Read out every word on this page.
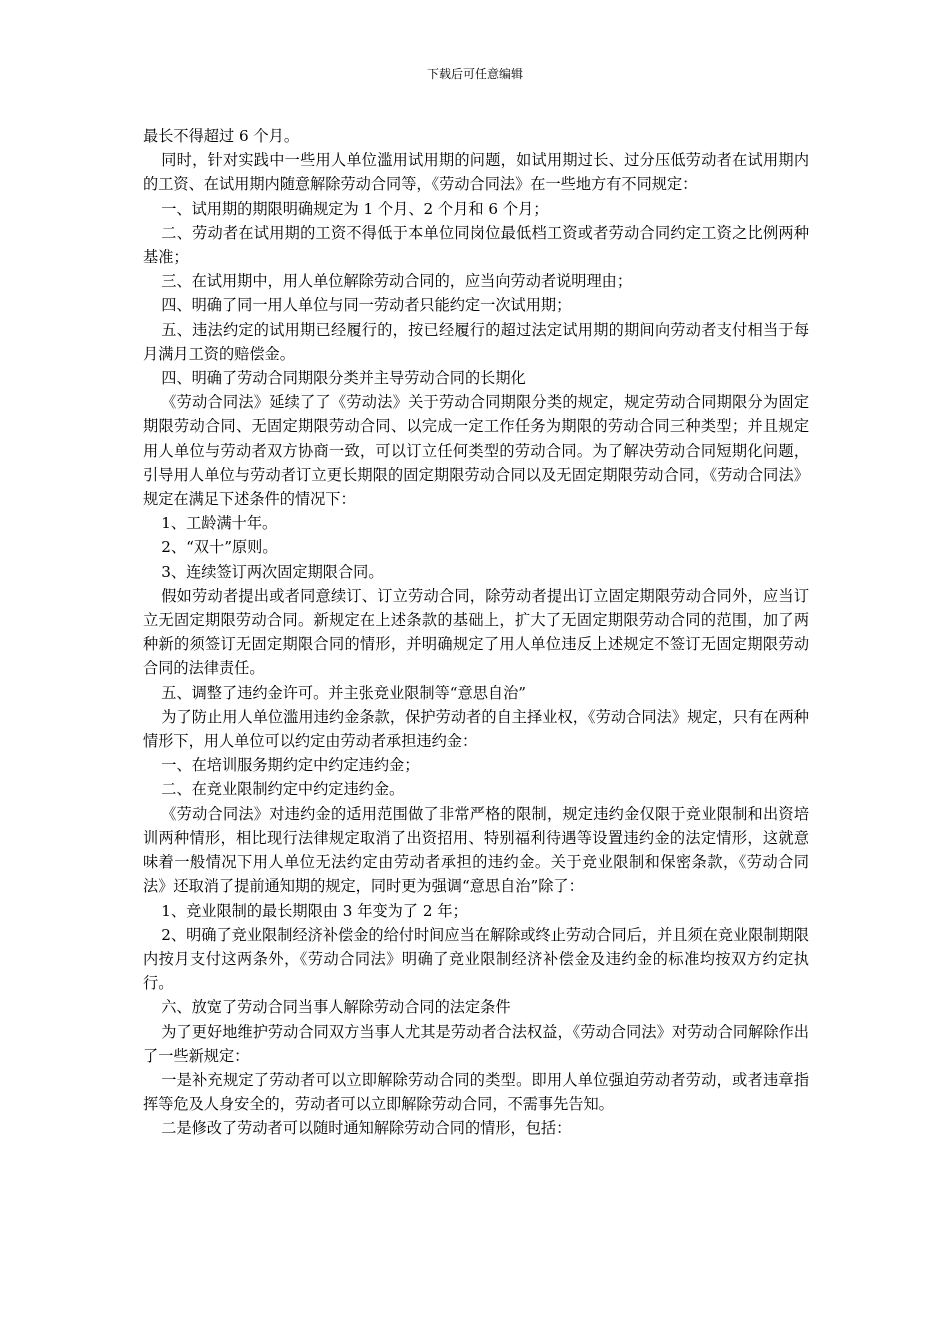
下载后可任意编辑

最长不得超过 6 个月。

同时，针对实践中一些用人单位滥用试用期的问题，如试用期过长、过分压低劳动者在试用期内的工资、在试用期内随意解除劳动合同等，《劳动合同法》在一些地方有不同规定：

一、试用期的期限明确规定为 1 个月、2 个月和 6 个月；

二、劳动者在试用期的工资不得低于本单位同岗位最低档工资或者劳动合同约定工资之比例两种基准；

三、在试用期中，用人单位解除劳动合同的，应当向劳动者说明理由；

四、明确了同一用人单位与同一劳动者只能约定一次试用期；

五、违法约定的试用期已经履行的，按已经履行的超过法定试用期的期间向劳动者支付相当于每月满月工资的赔偿金。

四、明确了劳动合同期限分类并主导劳动合同的长期化

《劳动合同法》延续了了《劳动法》关于劳动合同期限分类的规定，规定劳动合同期限分为固定期限劳动合同、无固定期限劳动合同、以完成一定工作任务为期限的劳动合同三种类型；并且规定用人单位与劳动者双方协商一致，可以订立任何类型的劳动合同。为了解决劳动合同短期化问题，引导用人单位与劳动者订立更长期限的固定期限劳动合同以及无固定期限劳动合同，《劳动合同法》规定在满足下述条件的情况下：

1、工龄满十年。

2、“双十”原则。

3、连续签订两次固定期限合同。

假如劳动者提出或者同意续订、订立劳动合同，除劳动者提出订立固定期限劳动合同外，应当订立无固定期限劳动合同。新规定在上述条款的基础上，扩大了无固定期限劳动合同的范围，加了两种新的须签订无固定期限合同的情形，并明确规定了用人单位违反上述规定不签订无固定期限劳动合同的法律责任。

五、调整了违约金许可。并主张竞业限制等“意思自治”

为了防止用人单位滥用违约金条款，保护劳动者的自主择业权，《劳动合同法》规定，只有在两种情形下，用人单位可以约定由劳动者承担违约金：

一、在培训服务期约定中约定违约金；

二、在竞业限制约定中约定违约金。

《劳动合同法》对违约金的适用范围做了非常严格的限制，规定违约金仅限于竞业限制和出资培训两种情形，相比现行法律规定取消了出资招用、特别福利待遇等设置违约金的法定情形，这就意味着一般情况下用人单位无法约定由劳动者承担的违约金。关于竞业限制和保密条款，《劳动合同法》还取消了提前通知期的规定，同时更为强调“意思自治”除了：

1、竞业限制的最长期限由 3 年变为了 2 年；

2、明确了竞业限制经济补偿金的给付时间应当在解除或终止劳动合同后，并且须在竞业限制期限内按月支付这两条外，《劳动合同法》明确了竞业限制经济补偿金及违约金的标准均按双方约定执行。

六、放宽了劳动合同当事人解除劳动合同的法定条件

为了更好地维护劳动合同双方当事人尤其是劳动者合法权益，《劳动合同法》对劳动合同解除作出了一些新规定：

一是补充规定了劳动者可以立即解除劳动合同的类型。即用人单位强迫劳动者劳动，或者违章指挥等危及人身安全的，劳动者可以立即解除劳动合同，不需事先告知。

二是修改了劳动者可以随时通知解除劳动合同的情形，包括：
